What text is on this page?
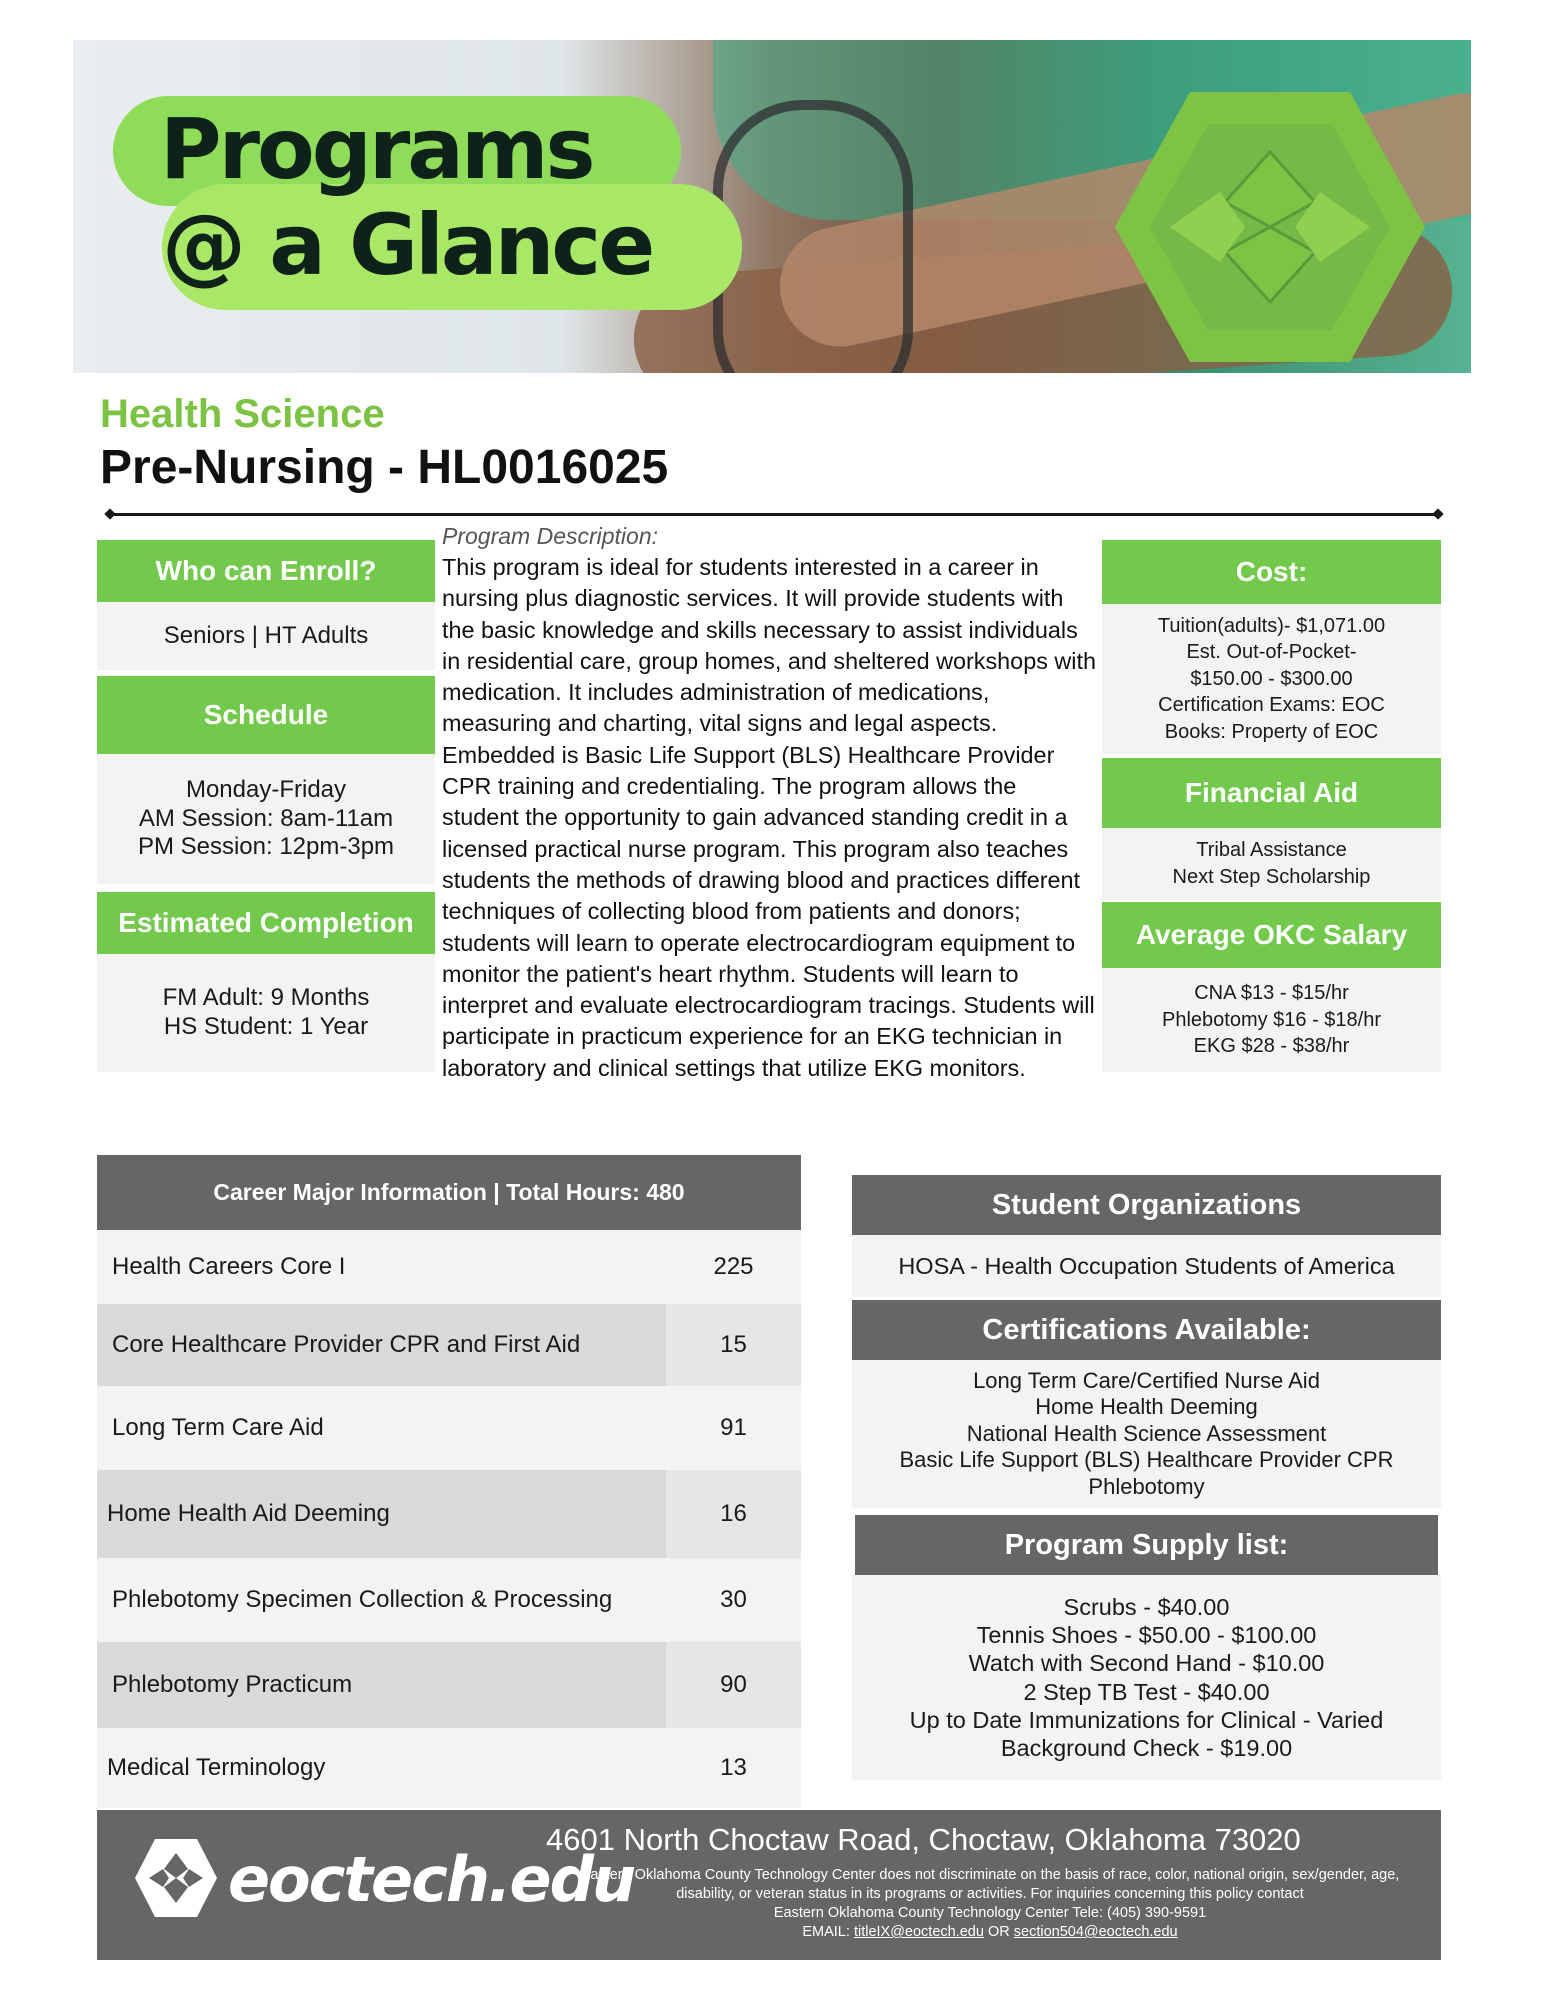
Programs
@ a Glance
Health Science
Pre-Nursing - HL0016025
Who can Enroll?
Seniors | HT Adults
Schedule
Monday-Friday
AM Session: 8am-11am
PM Session: 12pm-3pm
Estimated Completion
FM Adult: 9 Months
HS Student: 1 Year
Program Description:
This program is ideal for students interested in a career in nursing plus diagnostic services. It will provide students with the basic knowledge and skills necessary to assist individuals in residential care, group homes, and sheltered workshops with medication. It includes administration of medications, measuring and charting, vital signs and legal aspects. Embedded is Basic Life Support (BLS) Healthcare Provider CPR training and credentialing. The program allows the student the opportunity to gain advanced standing credit in a licensed practical nurse program. This program also teaches students the methods of drawing blood and practices different techniques of collecting blood from patients and donors; students will learn to operate electrocardiogram equipment to monitor the patient's heart rhythm. Students will learn to interpret and evaluate electrocardiogram tracings. Students will participate in practicum experience for an EKG technician in laboratory and clinical settings that utilize EKG monitors.
Cost:
Tuition(adults)- $1,071.00
Est. Out-of-Pocket-
$150.00 - $300.00
Certification Exams: EOC
Books: Property of EOC
Financial Aid
Tribal Assistance
Next Step Scholarship
Average OKC Salary
CNA $13 - $15/hr
Phlebotomy $16 - $18/hr
EKG $28 - $38/hr
Career Major Information | Total Hours: 480
Health Careers Core I	225
Core Healthcare Provider CPR and First Aid	15
Long Term Care Aid	91
Home Health Aid Deeming	16
Phlebotomy Specimen Collection & Processing	30
Phlebotomy Practicum	90
Medical Terminology	13
Student Organizations
HOSA - Health Occupation Students of America
Certifications Available:
Long Term Care/Certified Nurse Aid
Home Health Deeming
National Health Science Assessment
Basic Life Support (BLS) Healthcare Provider CPR
Phlebotomy
Program Supply list:
Scrubs - $40.00
Tennis Shoes - $50.00 - $100.00
Watch with Second Hand - $10.00
2 Step TB Test - $40.00
Up to Date Immunizations for Clinical - Varied
Background Check - $19.00
eoctech.edu
4601 North Choctaw Road, Choctaw, Oklahoma 73020
Eastern Oklahoma County Technology Center does not discriminate on the basis of race, color, national origin, sex/gender, age, disability, or veteran status in its programs or activities. For inquiries concerning this policy contact
Eastern Oklahoma County Technology Center Tele: (405) 390-9591
EMAIL: titleIX@eoctech.edu OR section504@eoctech.edu
